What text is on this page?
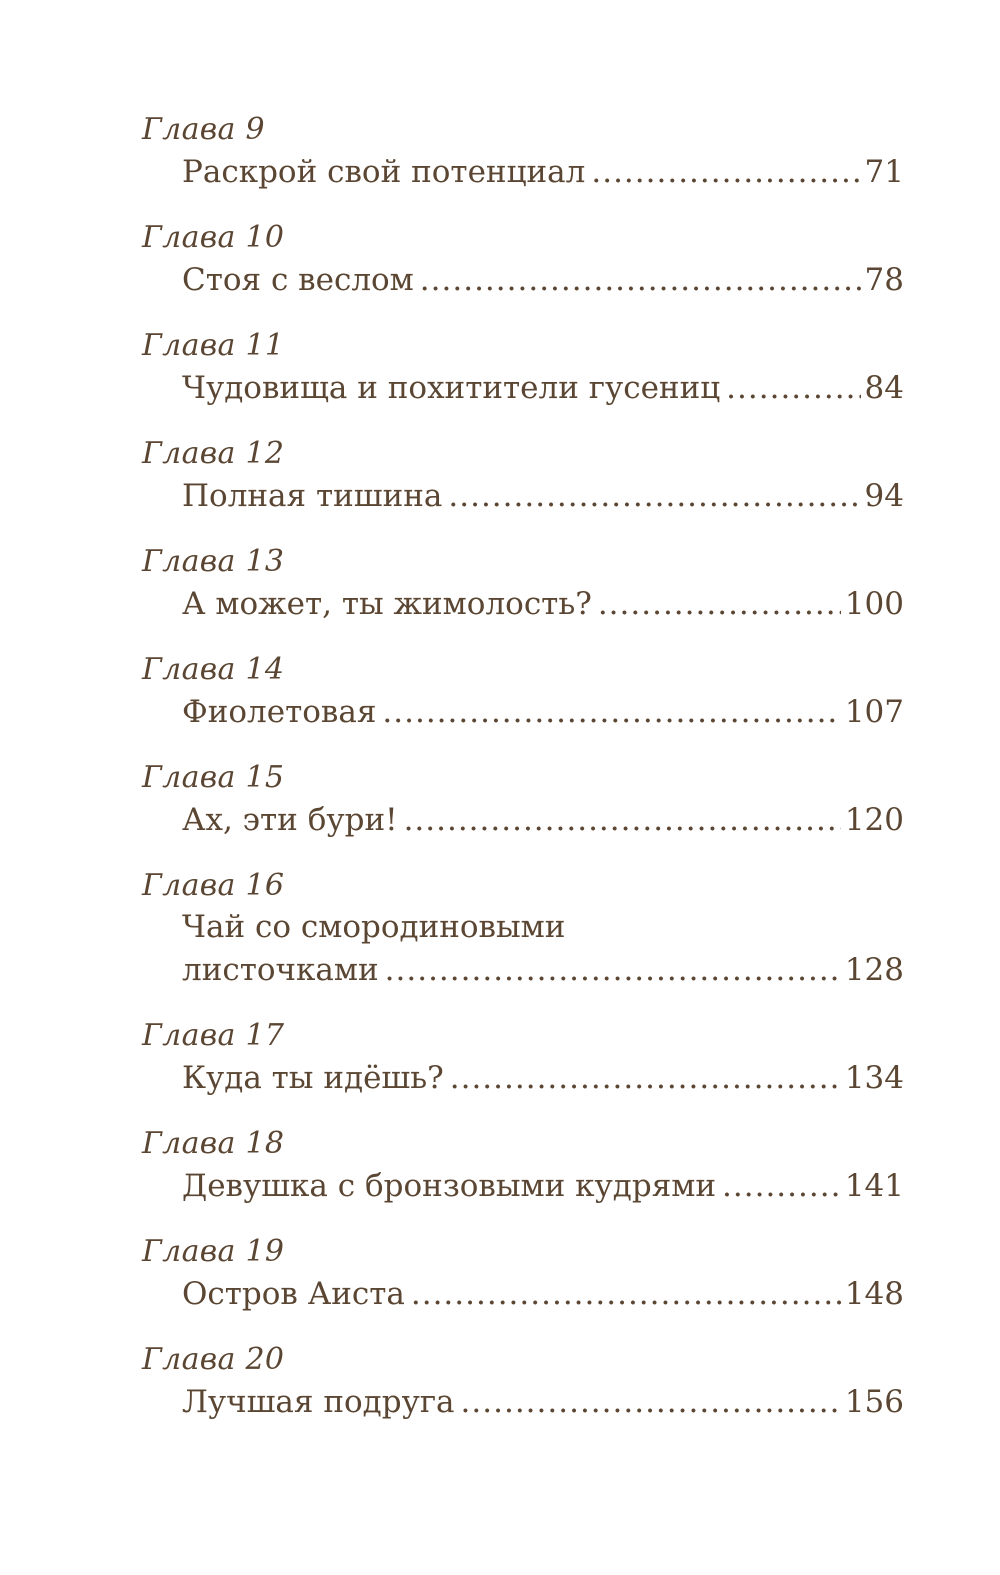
Глава 9
Раскрой свой потенциал .....	71
Глава 10
Стоя с веслом .....	78
Глава 11
Чудовища и похитители гусениц .....	84
Глава 12
Полная тишина .....	94
Глава 13
А может, ты жимолость? .....	100
Глава 14
Фиолетовая .....	107
Глава 15
Ах, эти бури! .....	120
Глава 16
Чай со смородиновыми
листочками .....	128
Глава 17
Куда ты идёшь? .....	134
Глава 18
Девушка с бронзовыми кудрями .....	141
Глава 19
Остров Аиста .....	148
Глава 20
Лучшая подруга .....	156
